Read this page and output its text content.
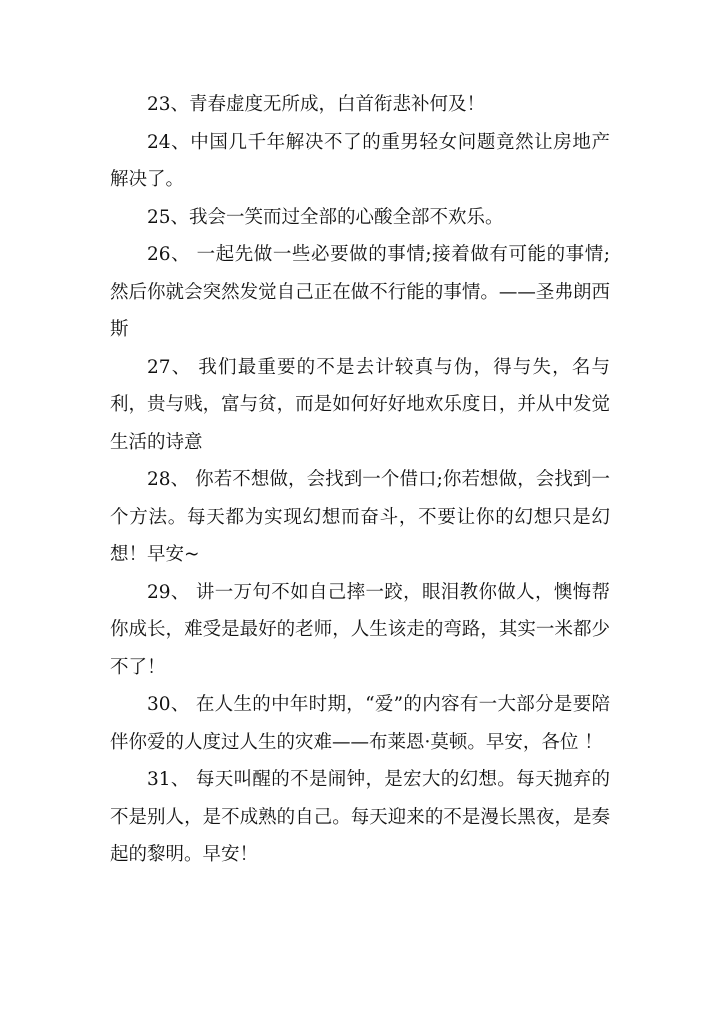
23、青春虚度无所成，白首衔悲补何及！

24、中国几千年解决不了的重男轻女问题竟然让房地产解决了。

25、我会一笑而过全部的心酸全部不欢乐。

26、 一起先做一些必要做的事情;接着做有可能的事情;然后你就会突然发觉自己正在做不行能的事情。——圣弗朗西斯

27、 我们最重要的不是去计较真与伪，得与失，名与利，贵与贱，富与贫，而是如何好好地欢乐度日，并从中发觉生活的诗意

28、 你若不想做，会找到一个借口;你若想做，会找到一个方法。每天都为实现幻想而奋斗，不要让你的幻想只是幻想！早安~

29、 讲一万句不如自己摔一跤，眼泪教你做人，懊悔帮你成长，难受是最好的老师，人生该走的弯路，其实一米都少不了！

30、 在人生的中年时期，“爱”的内容有一大部分是要陪伴你爱的人度过人生的灾难——布莱恩·莫顿。早安，各位 ！

31、 每天叫醒的不是闹钟，是宏大的幻想。每天抛弃的不是别人，是不成熟的自己。每天迎来的不是漫长黑夜，是奏起的黎明。早安！
